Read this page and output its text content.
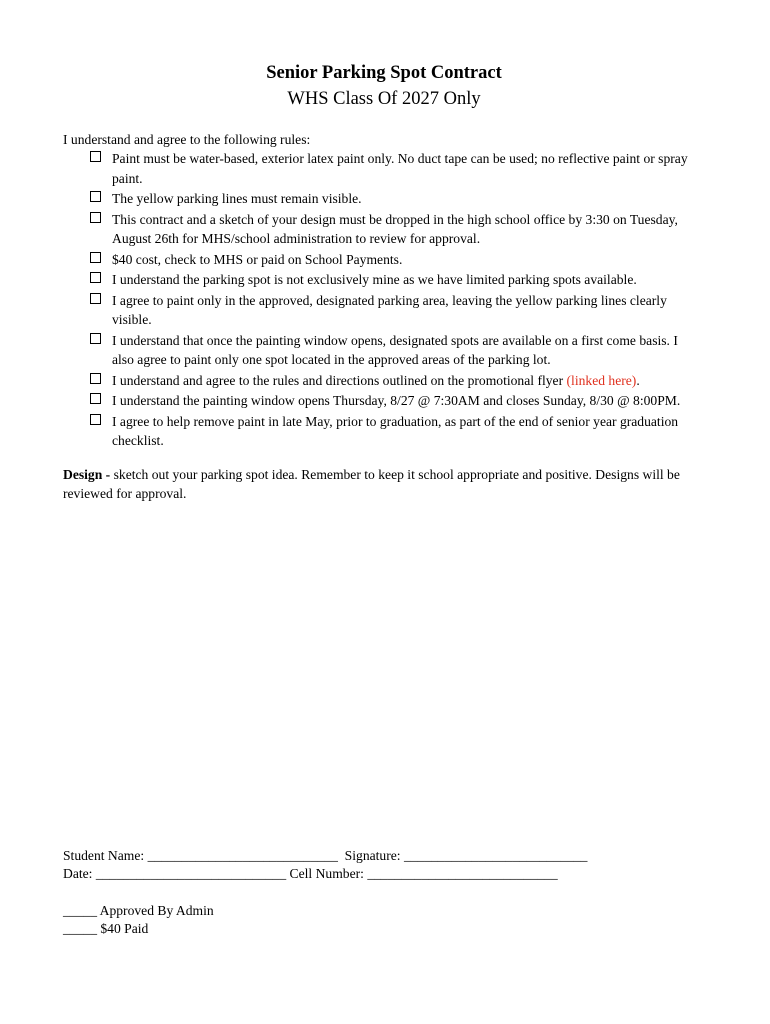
Senior Parking Spot Contract
WHS Class Of 2027 Only
I understand and agree to the following rules:
Paint must be water-based, exterior latex paint only. No duct tape can be used; no reflective paint or spray paint.
The yellow parking lines must remain visible.
This contract and a sketch of your design must be dropped in the high school office by 3:30 on Tuesday, August 26th for MHS/school administration to review for approval.
$40 cost, check to MHS or paid on School Payments.
I understand the parking spot is not exclusively mine as we have limited parking spots available.
I agree to paint only in the approved, designated parking area, leaving the yellow parking lines clearly visible.
I understand that once the painting window opens, designated spots are available on a first come basis. I also agree to paint only one spot located in the approved areas of the parking lot.
I understand and agree to the rules and directions outlined on the promotional flyer (linked here).
I understand the painting window opens Thursday, 8/27 @ 7:30AM and closes Sunday, 8/30 @ 8:00PM.
I agree to help remove paint in late May, prior to graduation, as part of the end of senior year graduation checklist.
Design - sketch out your parking spot idea. Remember to keep it school appropriate and positive. Designs will be reviewed for approval.
Student Name: ____________________________  Signature: ___________________________
Date: ____________________________ Cell Number: ____________________________
_____ Approved By Admin
_____ $40 Paid
